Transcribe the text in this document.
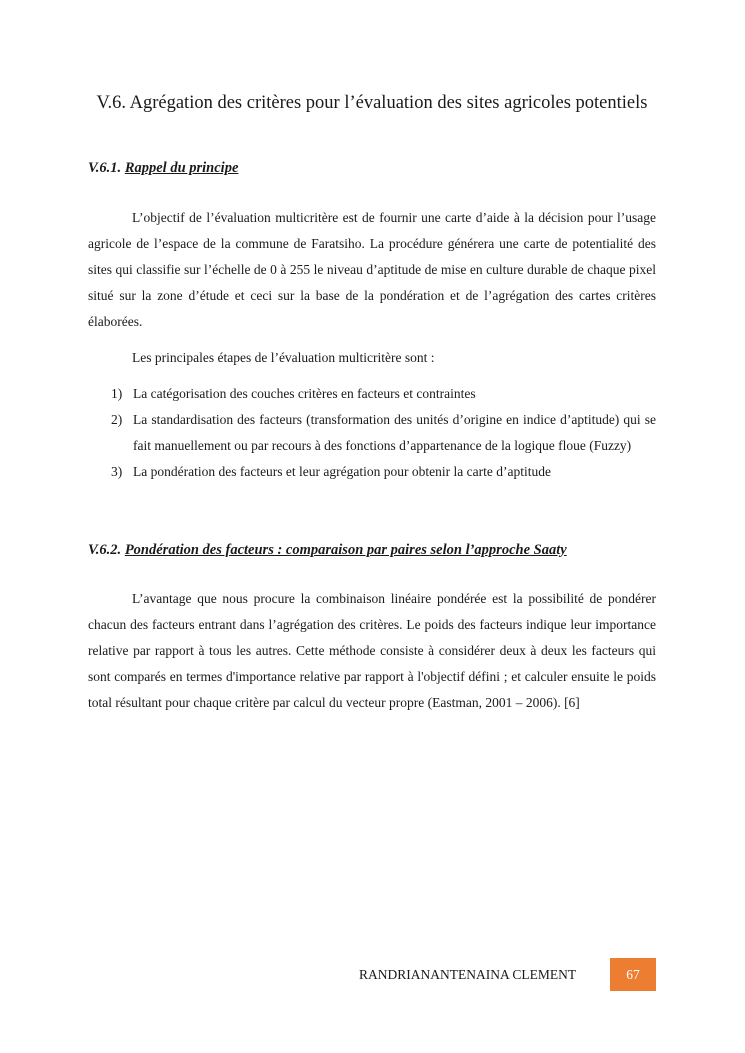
V.6. Agrégation des critères pour l’évaluation des sites agricoles potentiels
V.6.1. Rappel du principe

L’objectif de l’évaluation multicritère est de fournir une carte d’aide à la décision pour l’usage agricole de l’espace de la commune de Faratsiho. La procédure générera une carte de potentialité des sites qui classifie sur l’échelle de 0 à 255 le niveau d’aptitude de mise en culture durable de chaque pixel situé sur la zone d’étude et ceci sur la base de la pondération et de l’agrégation des cartes critères élaborées.

Les principales étapes de l’évaluation multicritère sont :

1) La catégorisation des couches critères en facteurs et contraintes
2) La standardisation des facteurs (transformation des unités d’origine en indice d’aptitude) qui se fait manuellement ou par recours à des fonctions d’appartenance de la logique floue (Fuzzy)
3) La pondération des facteurs et leur agrégation pour obtenir la carte d’aptitude
V.6.2. Pondération des facteurs : comparaison par paires selon l’approche Saaty

L’avantage que nous procure la combinaison linéaire pondérée est la possibilité de pondérer chacun des facteurs entrant dans l’agrégation des critères. Le poids des facteurs indique leur importance relative par rapport à tous les autres. Cette méthode consiste à considérer deux à deux les facteurs qui sont comparés en termes d'importance relative par rapport à l'objectif défini ; et calculer ensuite le poids total résultant pour chaque critère par calcul du vecteur propre (Eastman, 2001 – 2006). [6]

RANDRIANANTENAINA CLEMENT	67
